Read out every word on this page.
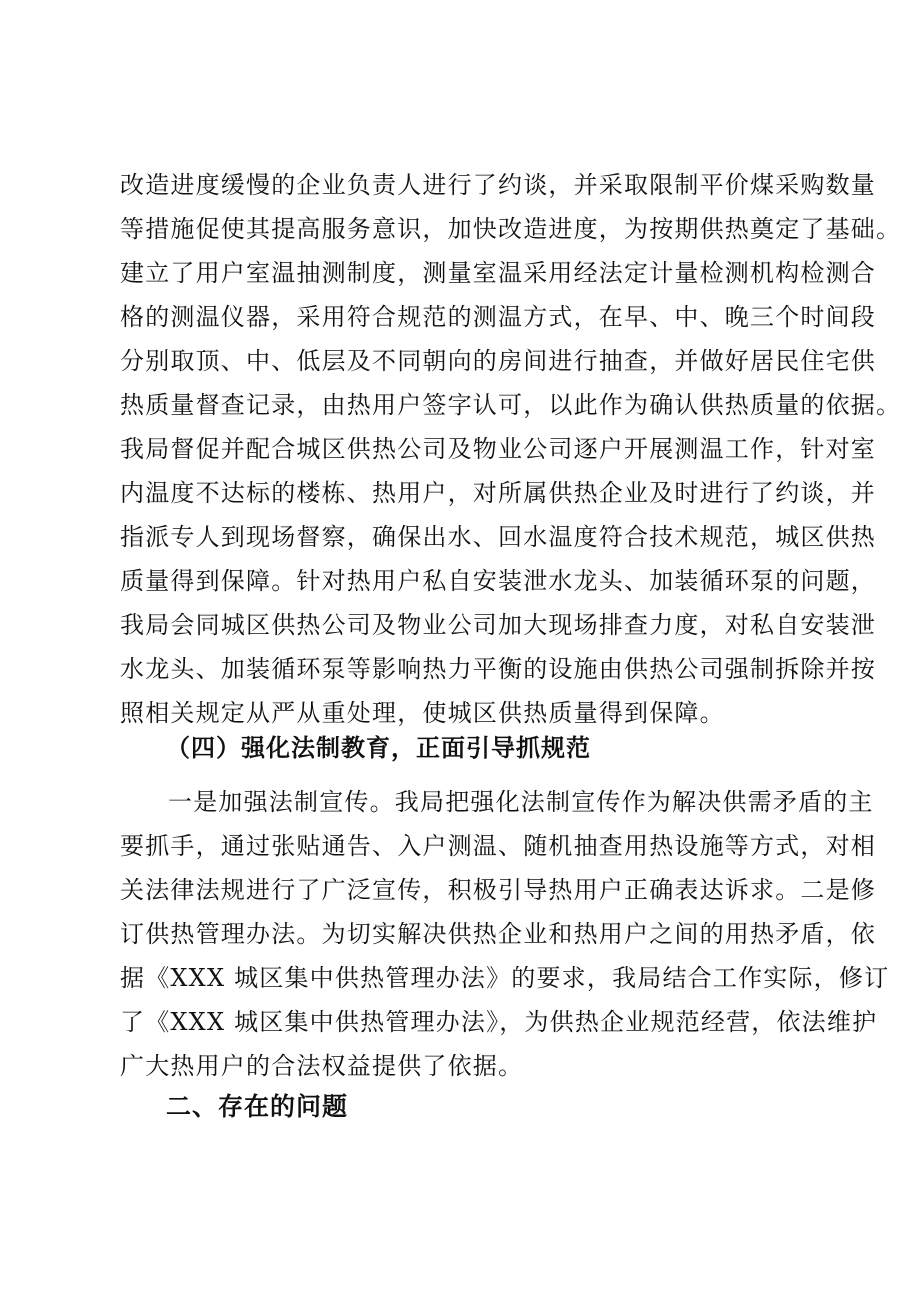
改造进度缓慢的企业负责人进行了约谈，并采取限制平价煤采购数量
等措施促使其提高服务意识，加快改造进度，为按期供热奠定了基础。
建立了用户室温抽测制度，测量室温采用经法定计量检测机构检测合
格的测温仪器，采用符合规范的测温方式，在早、中、晚三个时间段
分别取顶、中、低层及不同朝向的房间进行抽查，并做好居民住宅供
热质量督查记录，由热用户签字认可，以此作为确认供热质量的依据。
我局督促并配合城区供热公司及物业公司逐户开展测温工作，针对室
内温度不达标的楼栋、热用户，对所属供热企业及时进行了约谈，并
指派专人到现场督察，确保出水、回水温度符合技术规范，城区供热
质量得到保障。针对热用户私自安装泄水龙头、加装循环泵的问题，
我局会同城区供热公司及物业公司加大现场排查力度，对私自安装泄
水龙头、加装循环泵等影响热力平衡的设施由供热公司强制拆除并按
照相关规定从严从重处理，使城区供热质量得到保障。
（四）强化法制教育，正面引导抓规范
一是加强法制宣传。我局把强化法制宣传作为解决供需矛盾的主
要抓手，通过张贴通告、入户测温、随机抽查用热设施等方式，对相
关法律法规进行了广泛宣传，积极引导热用户正确表达诉求。二是修
订供热管理办法。为切实解决供热企业和热用户之间的用热矛盾，依
据《XXX 城区集中供热管理办法》的要求，我局结合工作实际，修订
了《XXX 城区集中供热管理办法》，为供热企业规范经营，依法维护
广大热用户的合法权益提供了依据。
二、存在的问题
